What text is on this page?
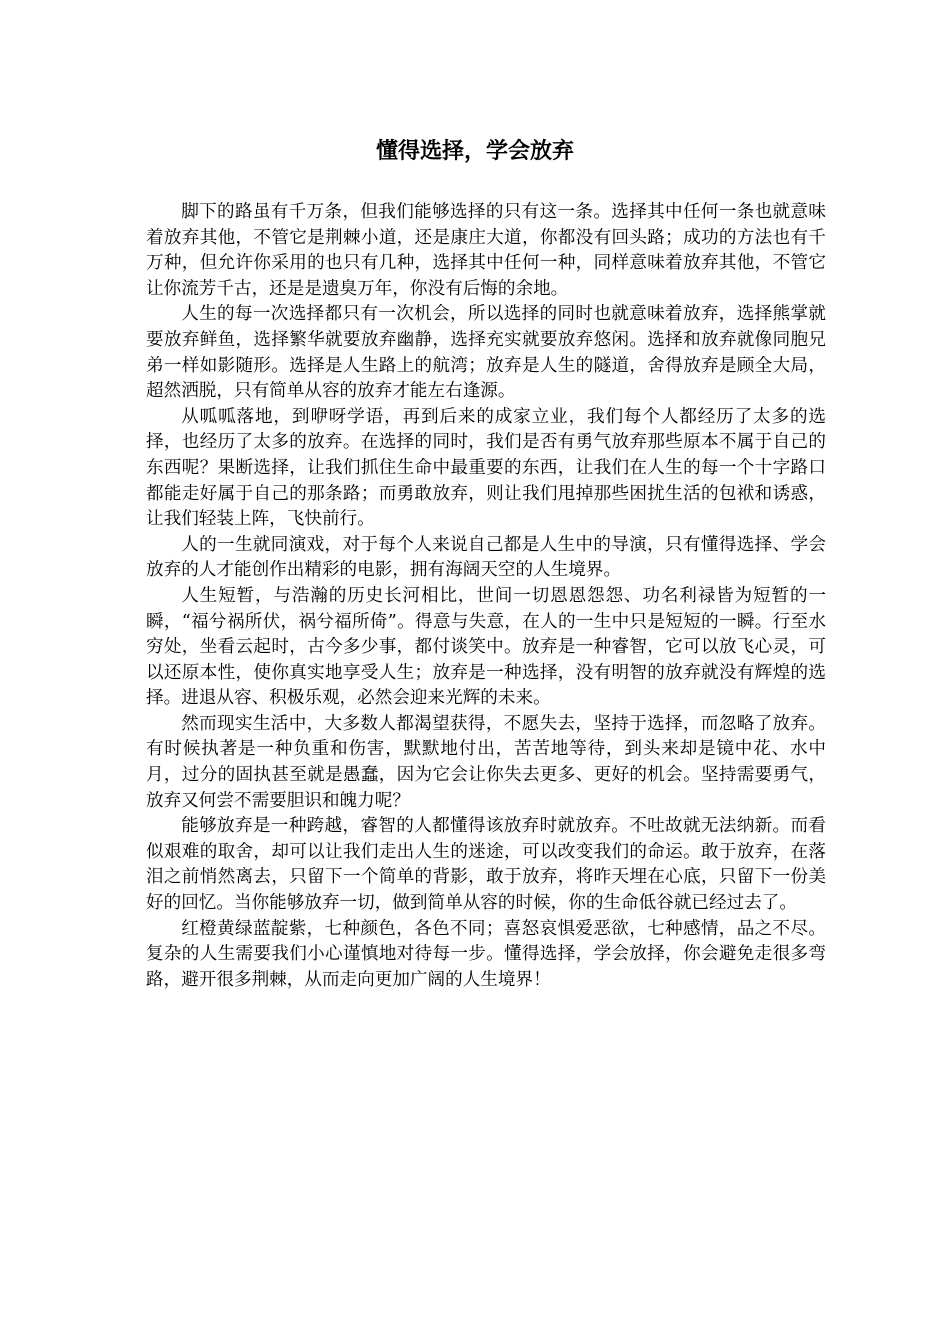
懂得选择，学会放弃

脚下的路虽有千万条，但我们能够选择的只有这一条。选择其中任何一条也就意味着放弃其他，不管它是荆棘小道，还是康庄大道，你都没有回头路；成功的方法也有千万种，但允许你采用的也只有几种，选择其中任何一种，同样意味着放弃其他，不管它让你流芳千古，还是是遗臭万年，你没有后悔的余地。

人生的每一次选择都只有一次机会，所以选择的同时也就意味着放弃，选择熊掌就要放弃鲜鱼，选择繁华就要放弃幽静，选择充实就要放弃悠闲。选择和放弃就像同胞兄弟一样如影随形。选择是人生路上的航湾；放弃是人生的隧道，舍得放弃是顾全大局，超然洒脱，只有简单从容的放弃才能左右逢源。

从呱呱落地，到咿呀学语，再到后来的成家立业，我们每个人都经历了太多的选择，也经历了太多的放弃。在选择的同时，我们是否有勇气放弃那些原本不属于自己的东西呢？果断选择，让我们抓住生命中最重要的东西，让我们在人生的每一个十字路口都能走好属于自己的那条路；而勇敢放弃，则让我们甩掉那些困扰生活的包袱和诱惑，让我们轻装上阵，飞快前行。

人的一生就同演戏，对于每个人来说自己都是人生中的导演，只有懂得选择、学会放弃的人才能创作出精彩的电影，拥有海阔天空的人生境界。

人生短暂，与浩瀚的历史长河相比，世间一切恩恩怨怨、功名利禄皆为短暂的一瞬，“福兮祸所伏，祸兮福所倚”。得意与失意，在人的一生中只是短短的一瞬。行至水穷处，坐看云起时，古今多少事，都付谈笑中。放弃是一种睿智，它可以放飞心灵，可以还原本性，使你真实地享受人生；放弃是一种选择，没有明智的放弃就没有辉煌的选择。进退从容、积极乐观，必然会迎来光辉的未来。

然而现实生活中，大多数人都渴望获得，不愿失去，坚持于选择，而忽略了放弃。有时候执著是一种负重和伤害，默默地付出，苦苦地等待，到头来却是镜中花、水中月，过分的固执甚至就是愚蠢，因为它会让你失去更多、更好的机会。坚持需要勇气，放弃又何尝不需要胆识和魄力呢？

能够放弃是一种跨越，睿智的人都懂得该放弃时就放弃。不吐故就无法纳新。而看似艰难的取舍，却可以让我们走出人生的迷途，可以改变我们的命运。敢于放弃，在落泪之前悄然离去，只留下一个简单的背影，敢于放弃，将昨天埋在心底，只留下一份美好的回忆。当你能够放弃一切，做到简单从容的时候，你的生命低谷就已经过去了。

红橙黄绿蓝靛紫，七种颜色，各色不同；喜怒哀惧爱恶欲，七种感情，品之不尽。复杂的人生需要我们小心谨慎地对待每一步。懂得选择，学会放择，你会避免走很多弯路，避开很多荆棘，从而走向更加广阔的人生境界！
